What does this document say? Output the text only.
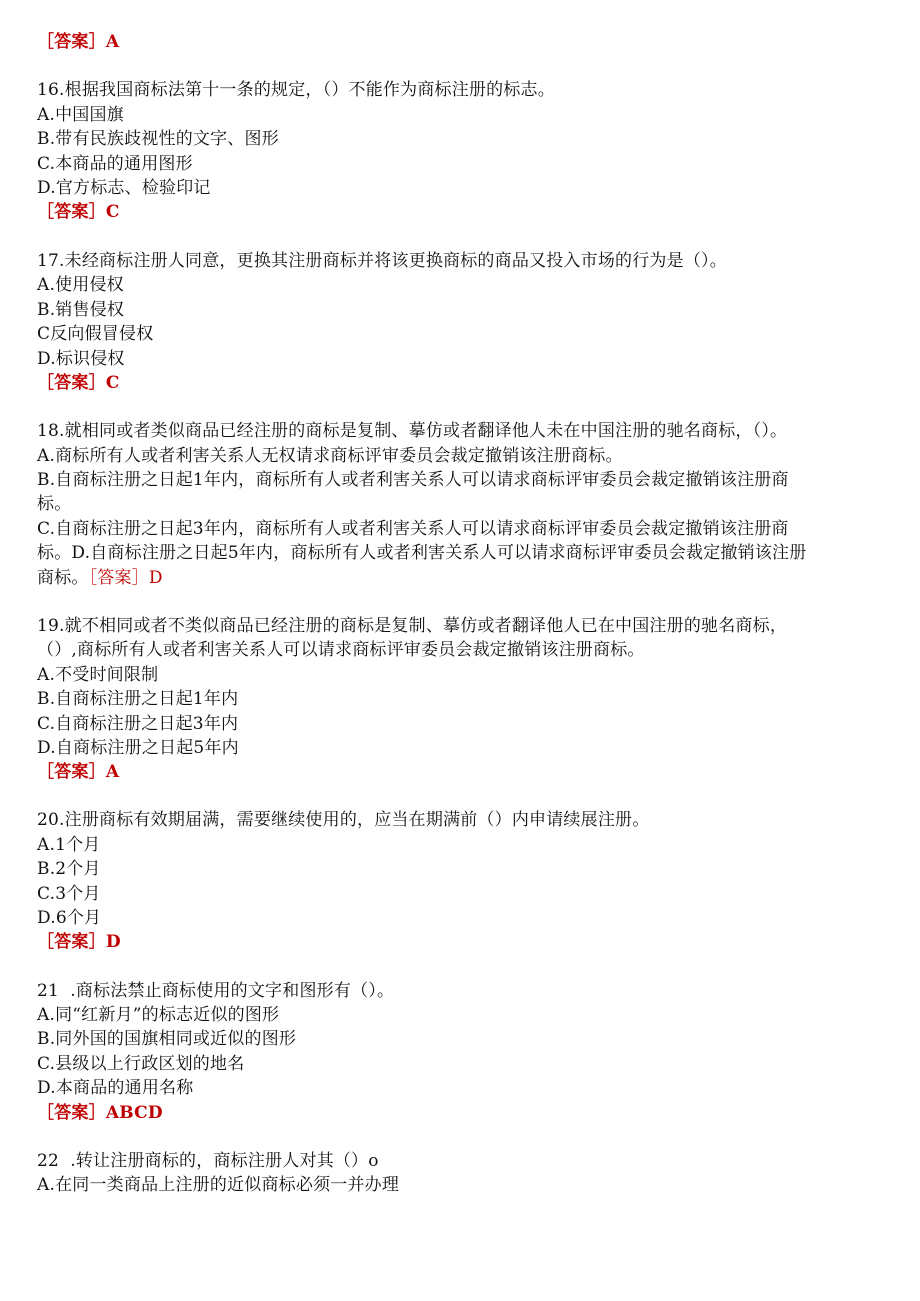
［答案］A
16.根据我国商标法第十一条的规定，（）不能作为商标注册的标志。
A.中国国旗
B.带有民族歧视性的文字、图形
C.本商品的通用图形
D.官方标志、检验印记
［答案］C
17.未经商标注册人同意，更换其注册商标并将该更换商标的商品又投入市场的行为是（）。
A.使用侵权
B.销售侵权
C反向假冒侵权
D.标识侵权
［答案］C
18.就相同或者类似商品已经注册的商标是复制、摹仿或者翻译他人未在中国注册的驰名商标，（）。
A.商标所有人或者利害关系人无权请求商标评审委员会裁定撤销该注册商标。
B.自商标注册之日起1年内，商标所有人或者利害关系人可以请求商标评审委员会裁定撤销该注册商
标。
C.自商标注册之日起3年内，商标所有人或者利害关系人可以请求商标评审委员会裁定撤销该注册商
标。D.自商标注册之日起5年内，商标所有人或者利害关系人可以请求商标评审委员会裁定撤销该注册
商标。［答案］D
19.就不相同或者不类似商品已经注册的商标是复制、摹仿或者翻译他人已在中国注册的驰名商标，
（）,商标所有人或者利害关系人可以请求商标评审委员会裁定撤销该注册商标。
A.不受时间限制
B.自商标注册之日起1年内
C.自商标注册之日起3年内
D.自商标注册之日起5年内
［答案］A
20.注册商标有效期届满，需要继续使用的，应当在期满前（）内申请续展注册。
A.1个月
B.2个月
C.3个月
D.6个月
［答案］D
21  .商标法禁止商标使用的文字和图形有（）。
A.同“红新月”的标志近似的图形
B.同外国的国旗相同或近似的图形
C.县级以上行政区划的地名
D.本商品的通用名称
［答案］ABCD
22  .转让注册商标的，商标注册人对其（）o
A.在同一类商品上注册的近似商标必须一并办理
